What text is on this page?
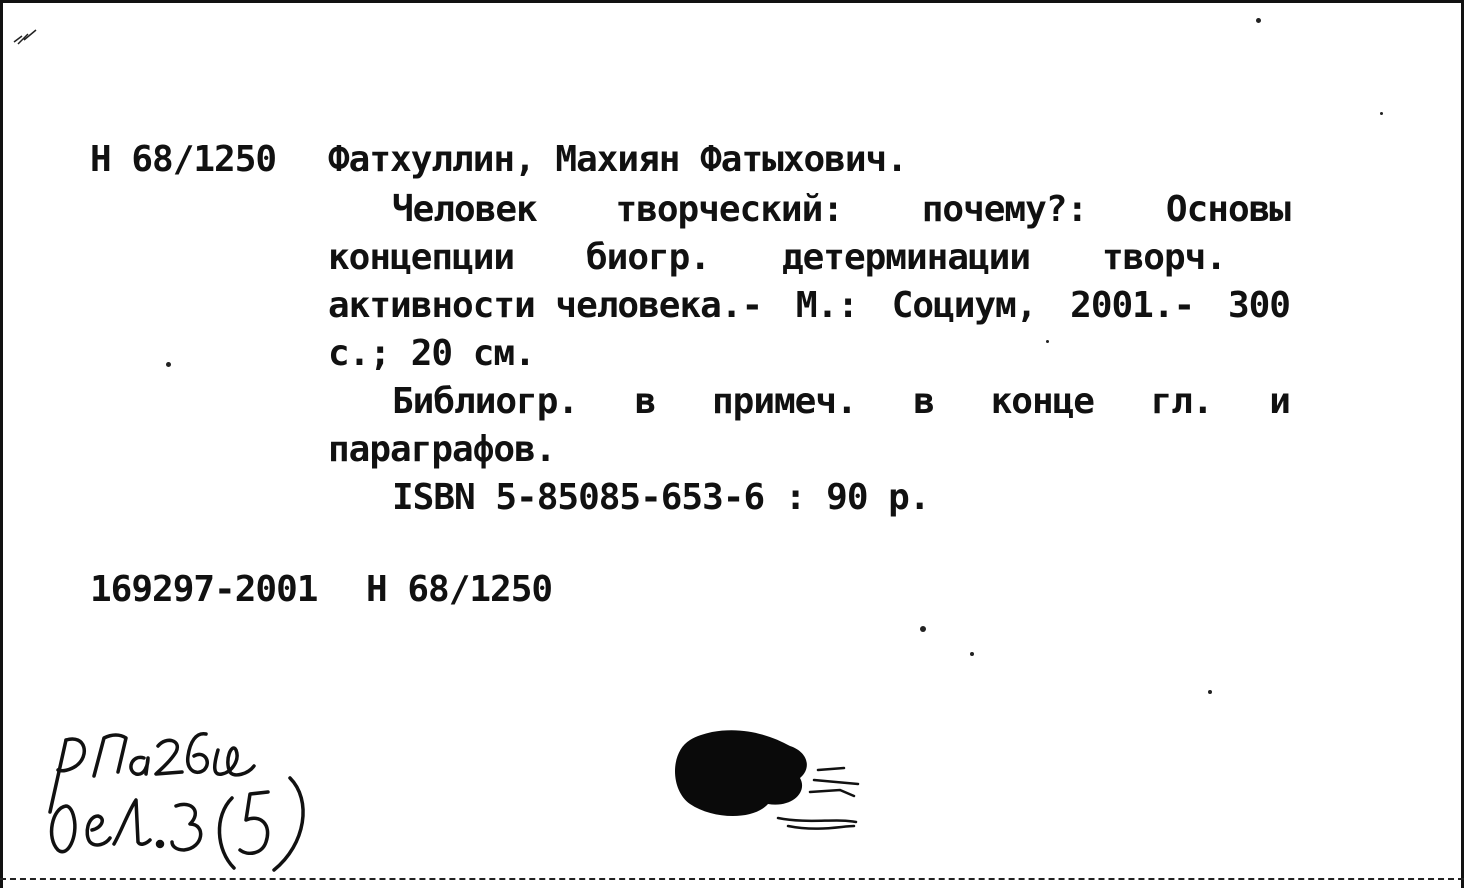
Н 68/1250 Фатхуллин, Махиян Фатыхович.
Человек творческий: почему?: Основы
концепции биогр. детерминации творч.
активности человека.- М.: Социум, 2001.- 300
с.; 20 см.
Библиогр. в примеч. в конце гл. и
параграфов.
ISBN 5-85085-653-6 : 90 р.
169297-2001 Н 68/1250
